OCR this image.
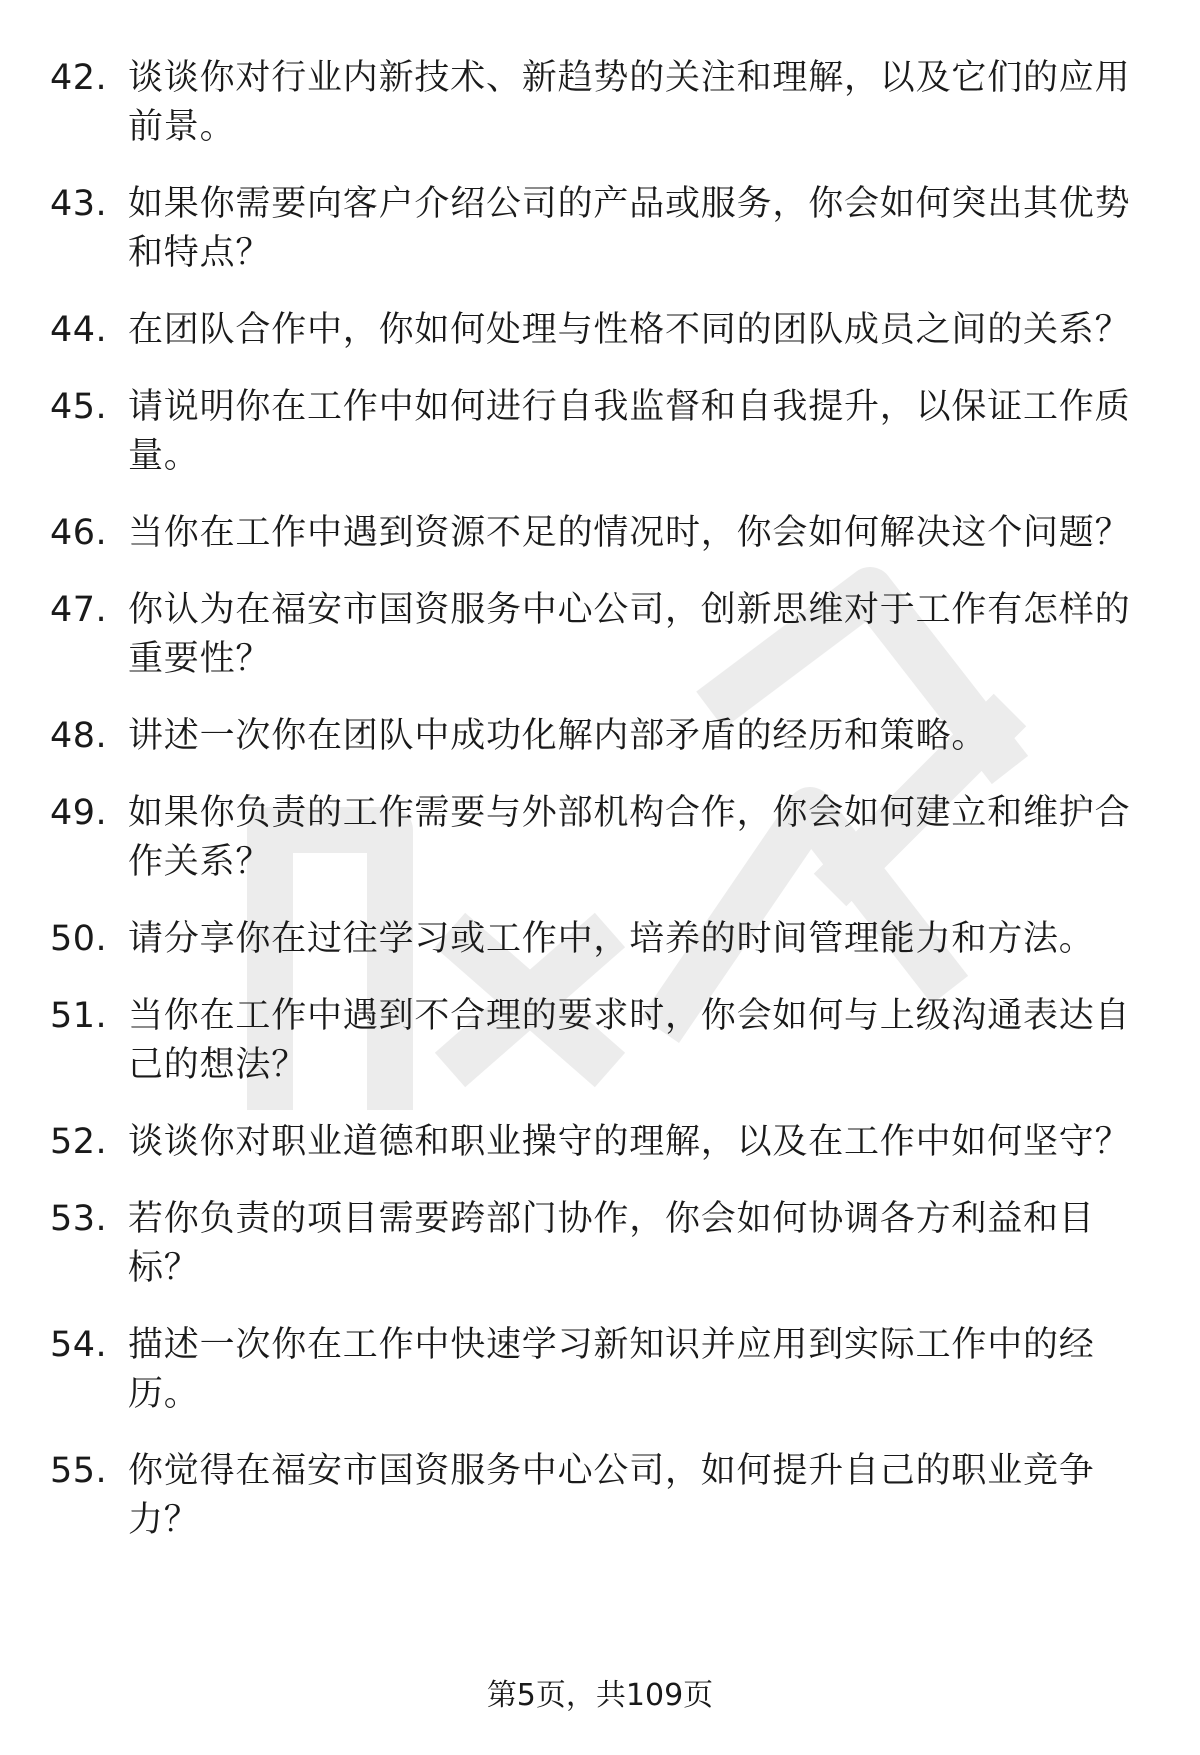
42. 谈谈你对行业内新技术、新趋势的关注和理解，以及它们的应用前景。
43. 如果你需要向客户介绍公司的产品或服务，你会如何突出其优势和特点？
44. 在团队合作中，你如何处理与性格不同的团队成员之间的关系？
45. 请说明你在工作中如何进行自我监督和自我提升，以保证工作质量。
46. 当你在工作中遇到资源不足的情况时，你会如何解决这个问题？
47. 你认为在福安市国资服务中心公司，创新思维对于工作有怎样的重要性？
48. 讲述一次你在团队中成功化解内部矛盾的经历和策略。
49. 如果你负责的工作需要与外部机构合作，你会如何建立和维护合作关系？
50. 请分享你在过往学习或工作中，培养的时间管理能力和方法。
51. 当你在工作中遇到不合理的要求时，你会如何与上级沟通表达自己的想法？
52. 谈谈你对职业道德和职业操守的理解，以及在工作中如何坚守？
53. 若你负责的项目需要跨部门协作，你会如何协调各方利益和目标？
54. 描述一次你在工作中快速学习新知识并应用到实际工作中的经历。
55. 你觉得在福安市国资服务中心公司，如何提升自己的职业竞争力？
第5页，共109页
